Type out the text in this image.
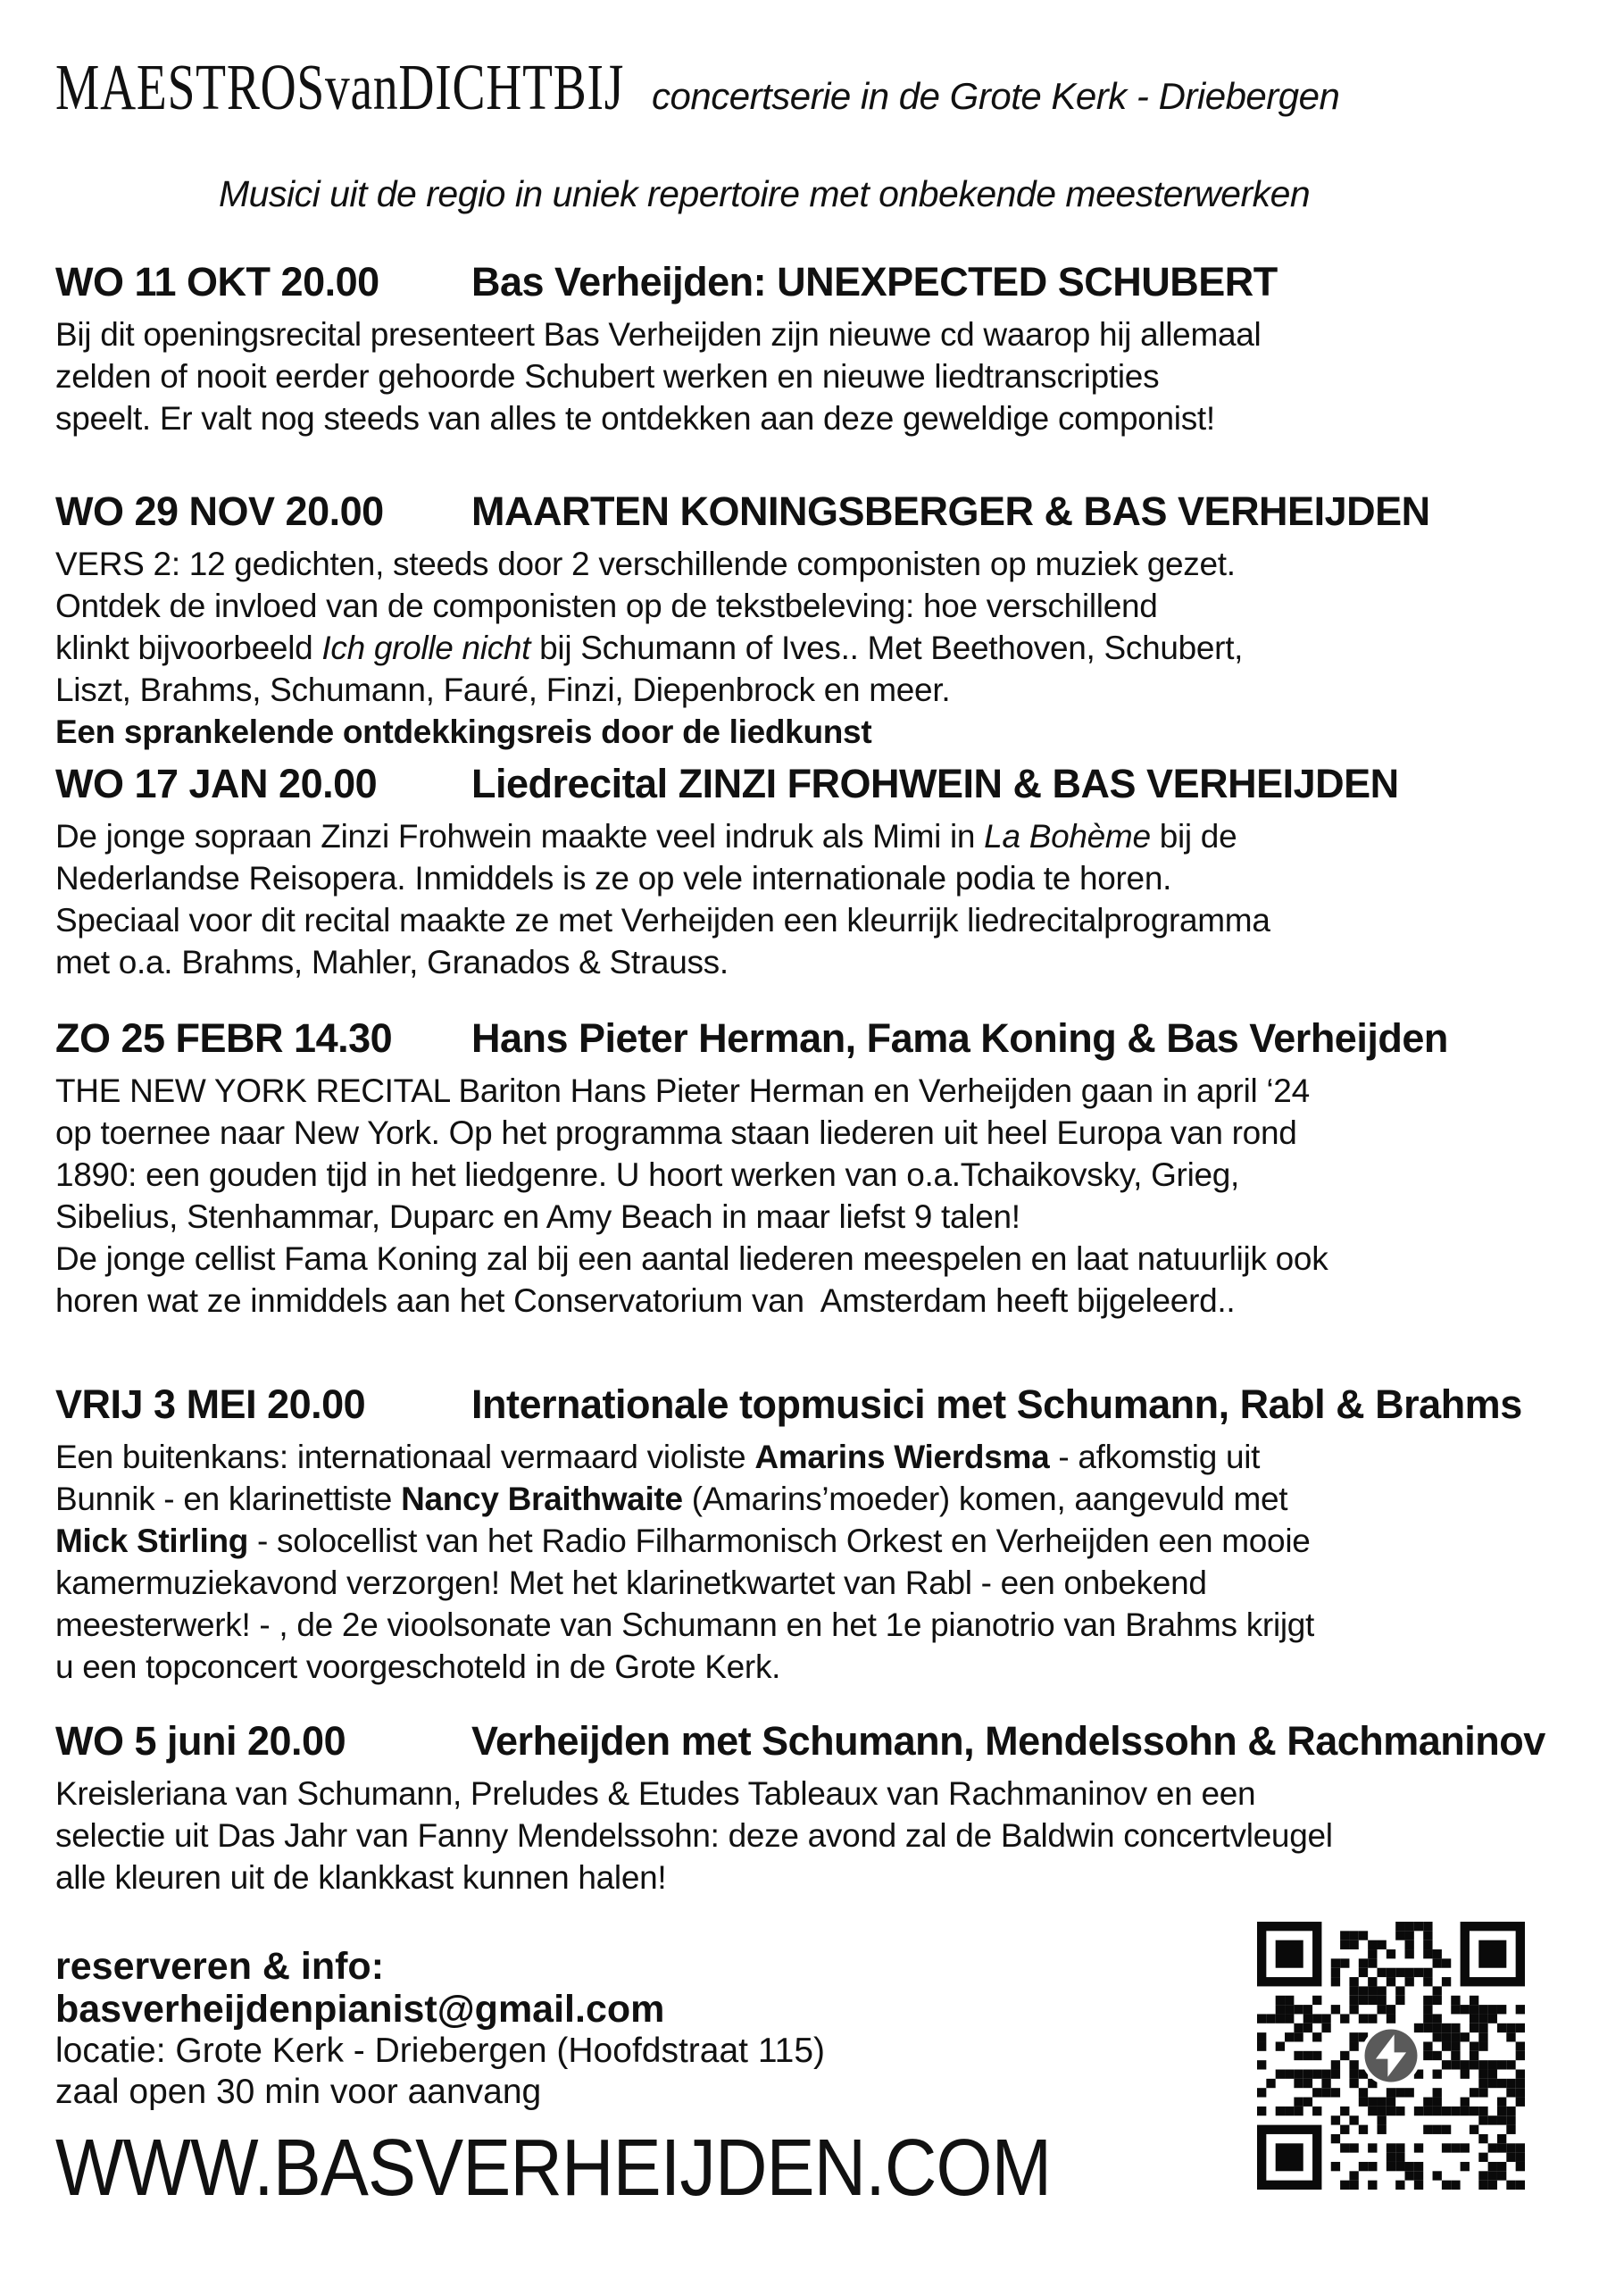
MAESTROSvanDICHTBIJ concertserie in de Grote Kerk - Driebergen
Musici uit de regio in uniek repertoire met onbekende meesterwerken
WO 11 OKT 20.00 Bas Verheijden: UNEXPECTED SCHUBERT
Bij dit openingsrecital presenteert Bas Verheijden zijn nieuwe cd waarop hij allemaal
zelden of nooit eerder gehoorde Schubert werken en nieuwe liedtranscripties
speelt. Er valt nog steeds van alles te ontdekken aan deze geweldige componist!
WO 29 NOV 20.00 MAARTEN KONINGSBERGER & BAS VERHEIJDEN
VERS 2: 12 gedichten, steeds door 2 verschillende componisten op muziek gezet.
Ontdek de invloed van de componisten op de tekstbeleving: hoe verschillend
klinkt bijvoorbeeld Ich grolle nicht bij Schumann of Ives.. Met Beethoven, Schubert,
Liszt, Brahms, Schumann, Fauré, Finzi, Diepenbrock en meer.
Een sprankelende ontdekkingsreis door de liedkunst
WO 17 JAN 20.00 Liedrecital ZINZI FROHWEIN & BAS VERHEIJDEN
De jonge sopraan Zinzi Frohwein maakte veel indruk als Mimi in La Bohème bij de
Nederlandse Reisopera. Inmiddels is ze op vele internationale podia te horen.
Speciaal voor dit recital maakte ze met Verheijden een kleurrijk liedrecitalprogramma
met o.a. Brahms, Mahler, Granados & Strauss.
ZO 25 FEBR 14.30 Hans Pieter Herman, Fama Koning & Bas Verheijden
THE NEW YORK RECITAL Bariton Hans Pieter Herman en Verheijden gaan in april ‘24
op toernee naar New York. Op het programma staan liederen uit heel Europa van rond
1890: een gouden tijd in het liedgenre. U hoort werken van o.a.Tchaikovsky, Grieg,
Sibelius, Stenhammar, Duparc en Amy Beach in maar liefst 9 talen!
De jonge cellist Fama Koning zal bij een aantal liederen meespelen en laat natuurlijk ook
horen wat ze inmiddels aan het Conservatorium van  Amsterdam heeft bijgeleerd..
VRIJ 3 MEI 20.00	Internationale topmusici met Schumann, Rabl & Brahms
Een buitenkans: internationaal vermaard violiste Amarins Wierdsma - afkomstig uit
Bunnik - en klarinettiste Nancy Braithwaite (Amarins’moeder) komen, aangevuld met
Mick Stirling - solocellist van het Radio Filharmonisch Orkest en Verheijden een mooie
kamermuziekavond verzorgen! Met het klarinetkwartet van Rabl - een onbekend
meesterwerk! - , de 2e vioolsonate van Schumann en het 1e pianotrio van Brahms krijgt
u een topconcert voorgeschoteld in de Grote Kerk.
WO 5 juni 20.00	Verheijden met Schumann, Mendelssohn & Rachmaninov
Kreisleriana van Schumann, Preludes & Etudes Tableaux van Rachmaninov en een
selectie uit Das Jahr van Fanny Mendelssohn: deze avond zal de Baldwin concertvleugel
alle kleuren uit de klankkast kunnen halen!
reserveren & info:
basverheijdenpianist@gmail.com
locatie: Grote Kerk - Driebergen (Hoofdstraat 115)
zaal open 30 min voor aanvang
WWW.BASVERHEIJDEN.COM
